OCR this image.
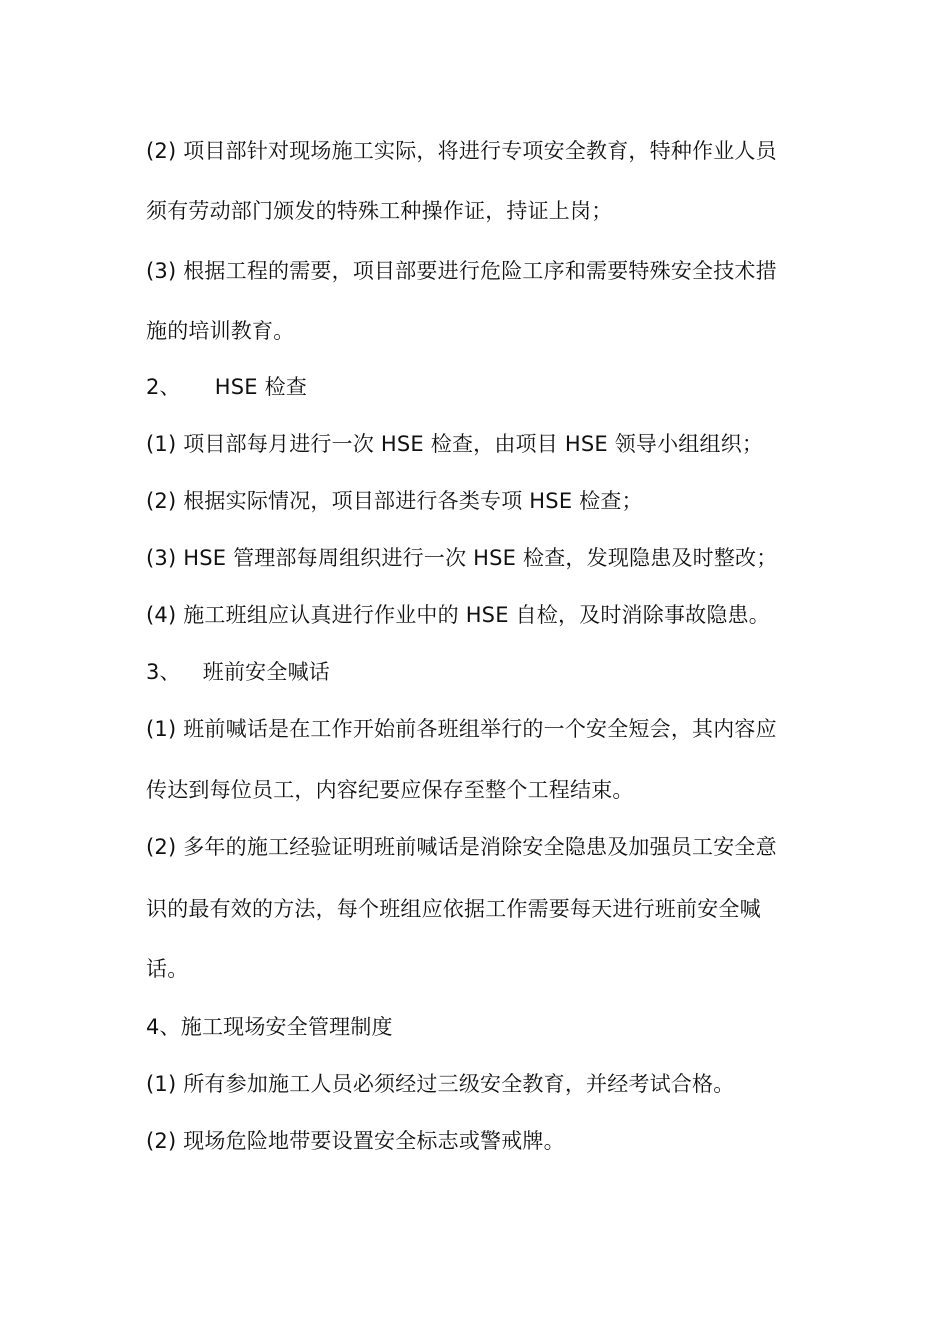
(2) 项目部针对现场施工实际，将进行专项安全教育，特种作业人员
须有劳动部门颁发的特殊工种操作证，持证上岗；
(3) 根据工程的需要，项目部要进行危险工序和需要特殊安全技术措
施的培训教育。
2、 HSE 检查
(1) 项目部每月进行一次 HSE 检查，由项目 HSE 领导小组组织；
(2) 根据实际情况，项目部进行各类专项 HSE 检查；
(3) HSE 管理部每周组织进行一次 HSE 检查，发现隐患及时整改；
(4) 施工班组应认真进行作业中的 HSE 自检，及时消除事故隐患。
3、 班前安全喊话
(1) 班前喊话是在工作开始前各班组举行的一个安全短会，其内容应
传达到每位员工，内容纪要应保存至整个工程结束。
(2) 多年的施工经验证明班前喊话是消除安全隐患及加强员工安全意
识的最有效的方法，每个班组应依据工作需要每天进行班前安全喊
话。
4、施工现场安全管理制度
(1) 所有参加施工人员必须经过三级安全教育，并经考试合格。
(2) 现场危险地带要设置安全标志或警戒牌。
